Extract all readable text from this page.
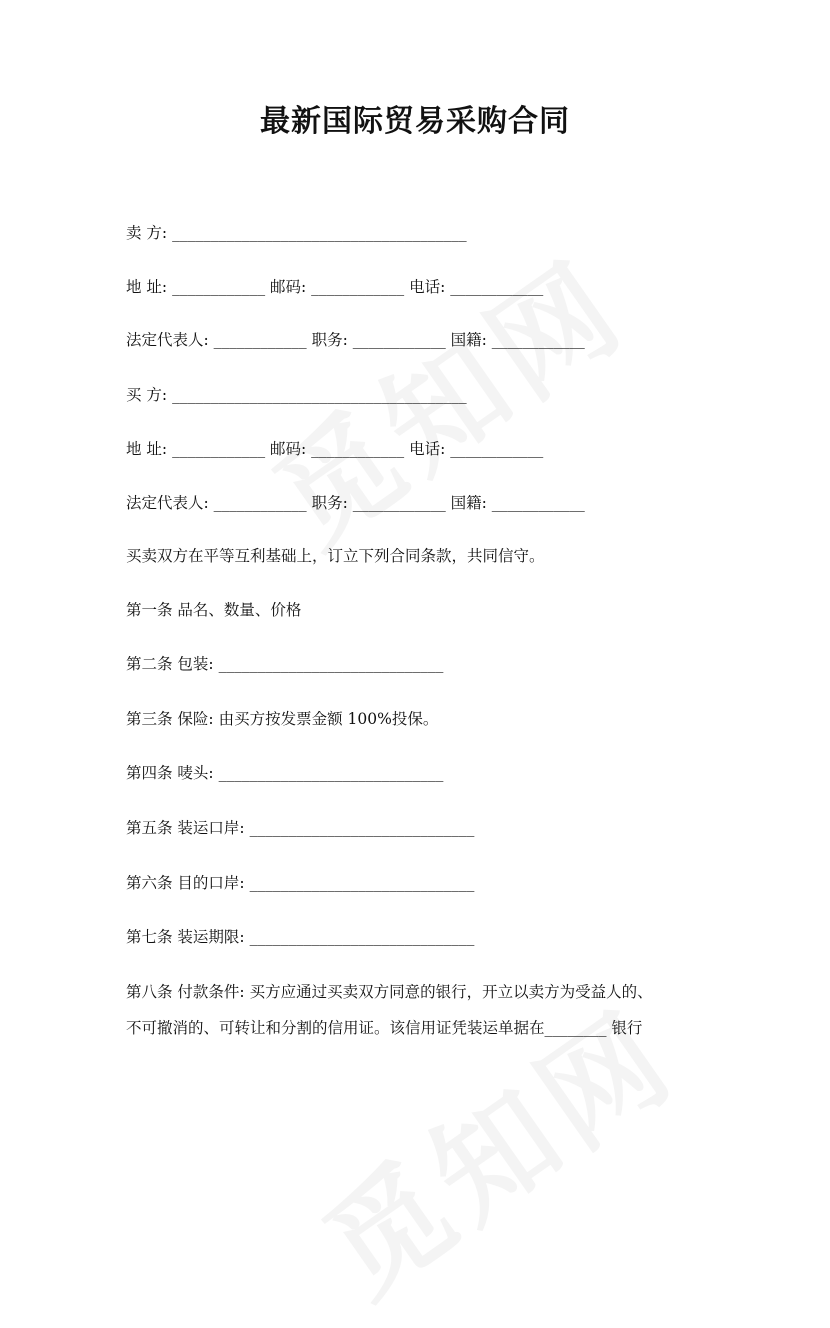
最新国际贸易采购合同
卖 方: ______________________________________
地 址: ____________ 邮码: ____________ 电话: ____________
法定代表人: ____________ 职务: ____________ 国籍: ____________
买 方: ______________________________________
地 址: ____________ 邮码: ____________ 电话: ____________
法定代表人: ____________ 职务: ____________ 国籍: ____________
买卖双方在平等互利基础上，订立下列合同条款，共同信守。
第一条 品名、数量、价格
第二条 包装: _____________________________
第三条 保险: 由买方按发票金额 100%投保。
第四条 唛头: _____________________________
第五条 装运口岸: _____________________________
第六条 目的口岸: _____________________________
第七条 装运期限: _____________________________
第八条 付款条件: 买方应通过买卖双方同意的银行，开立以卖方为受益人的、
不可撤消的、可转让和分割的信用证。该信用证凭装运单据在________ 银行
